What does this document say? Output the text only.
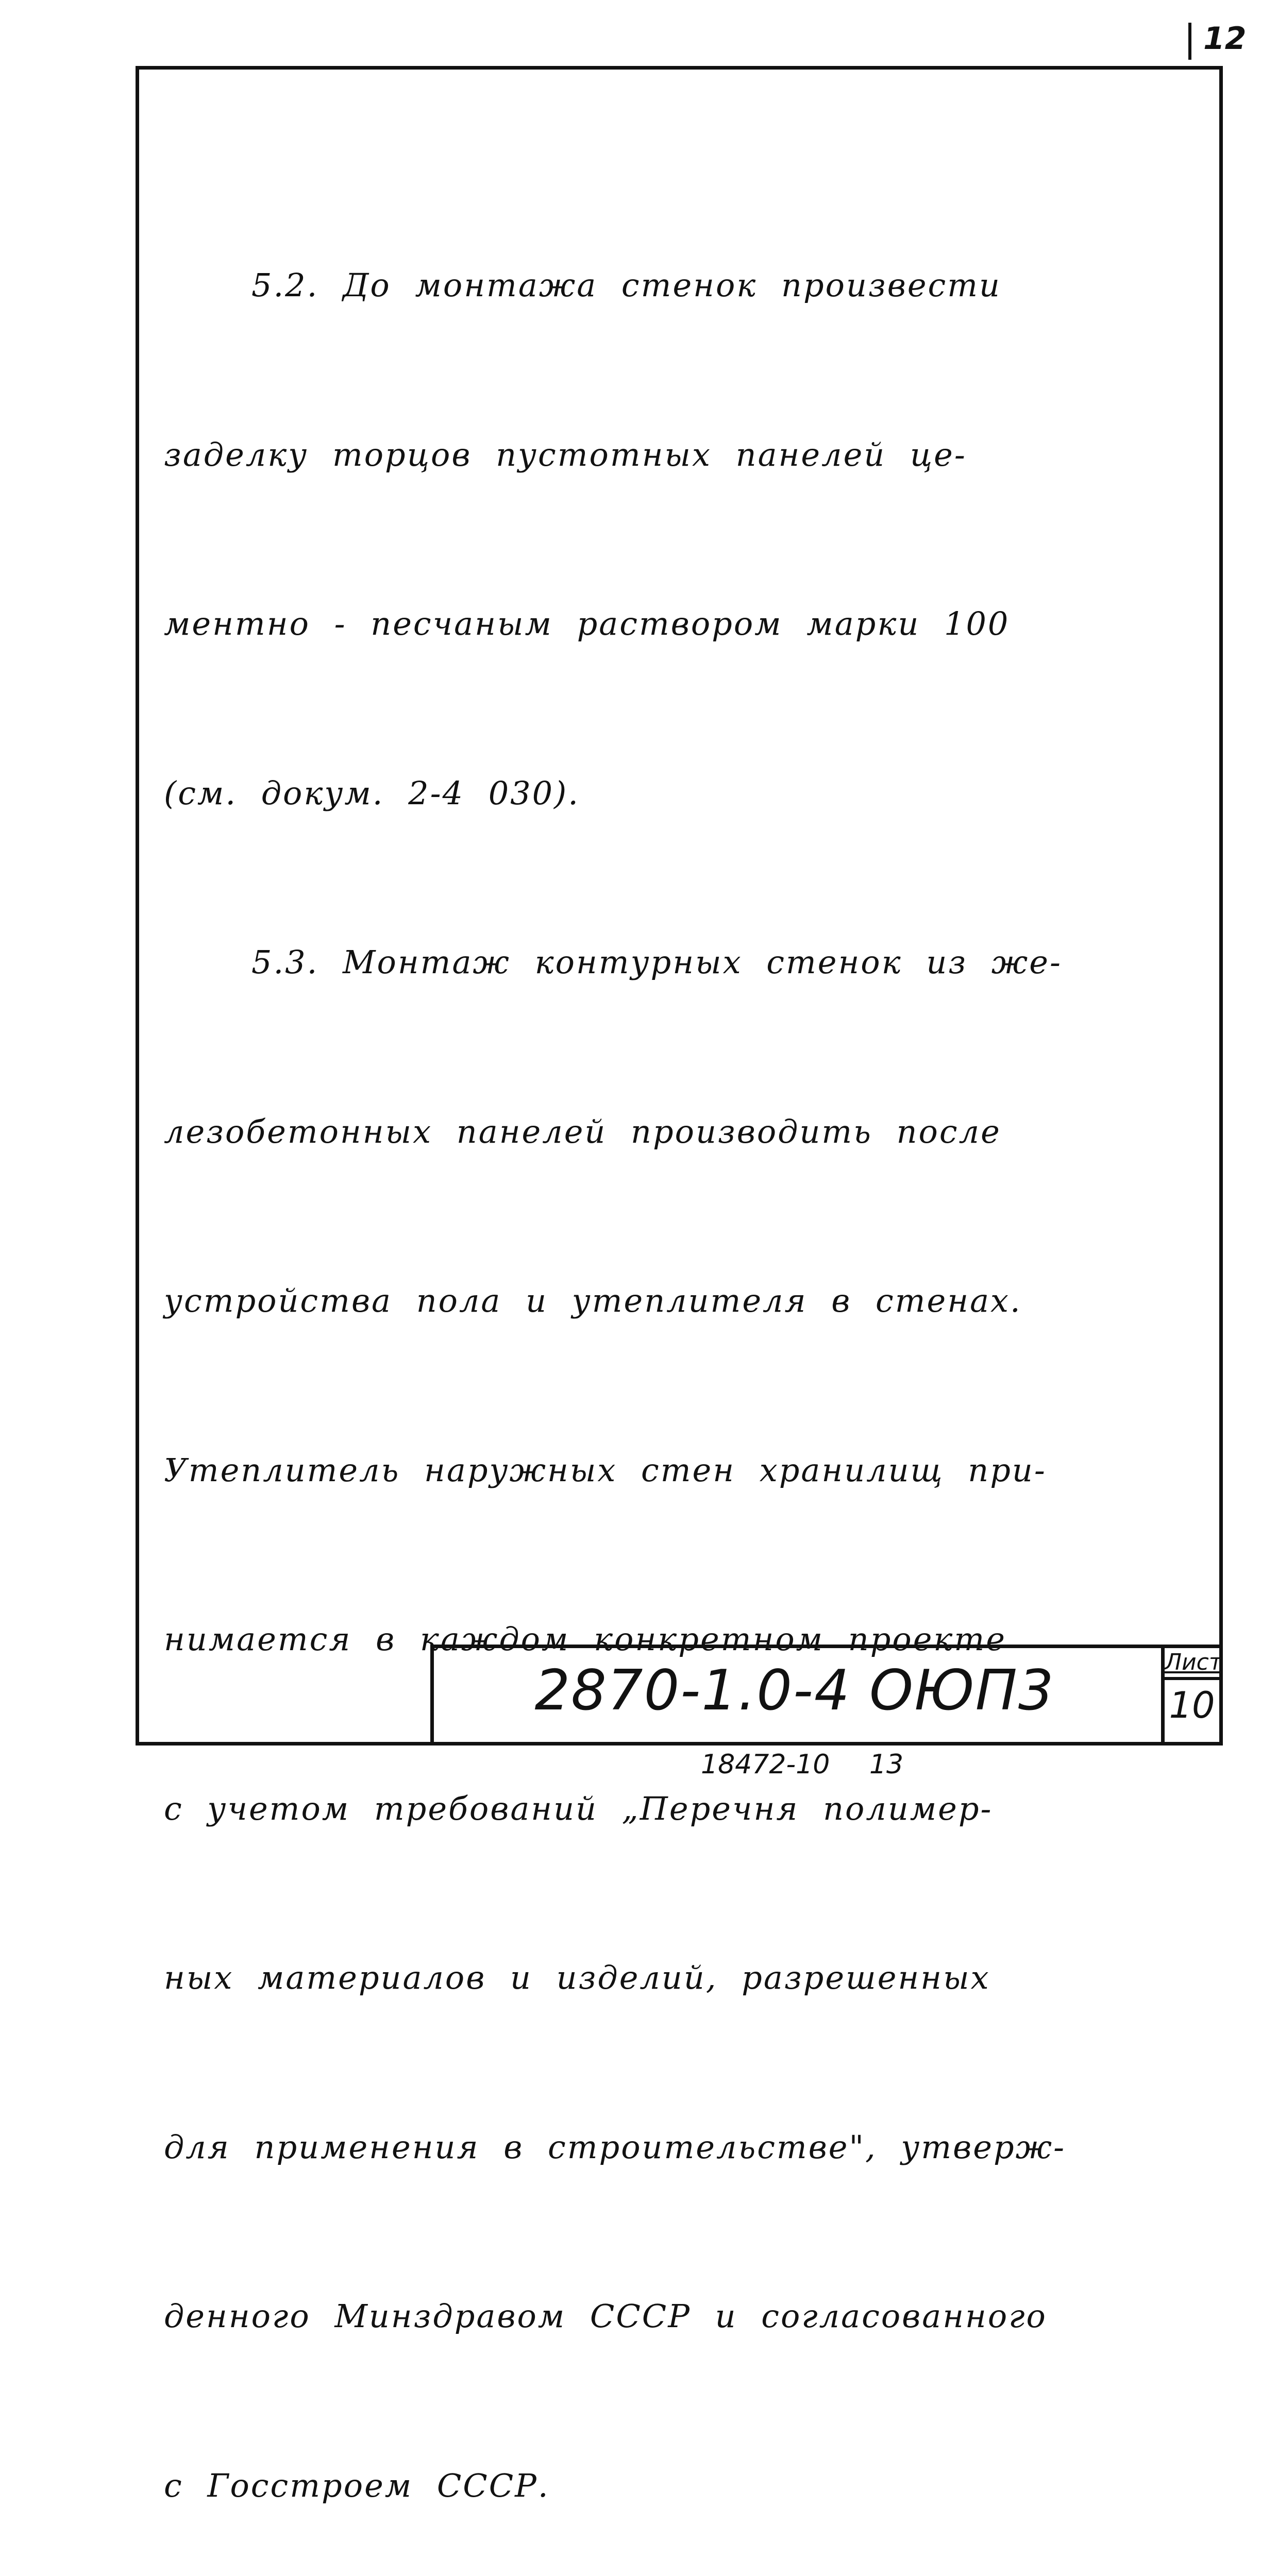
12

5.2. До монтажа стенок произвести

заделку торцов пустотных панелей це-

ментно - песчаным раствором марки 100

(см. докум. 2-4 030).

5.3. Монтаж контурных стенок из же-

лезобетонных панелей производить после

устройства пола и утеплителя в стенах.

Утеплитель наружных стен хранилищ при-

нимается в каждом конкретном проекте

с учетом требований „Перечня полимер-

ных материалов и изделий, разрешенных

для применения в строительстве", утверж-

денного Минздравом СССР и согласованного

с Госстроем СССР.

2870-1.0-4 ОЮП3	Лист
10
18472-10 13
